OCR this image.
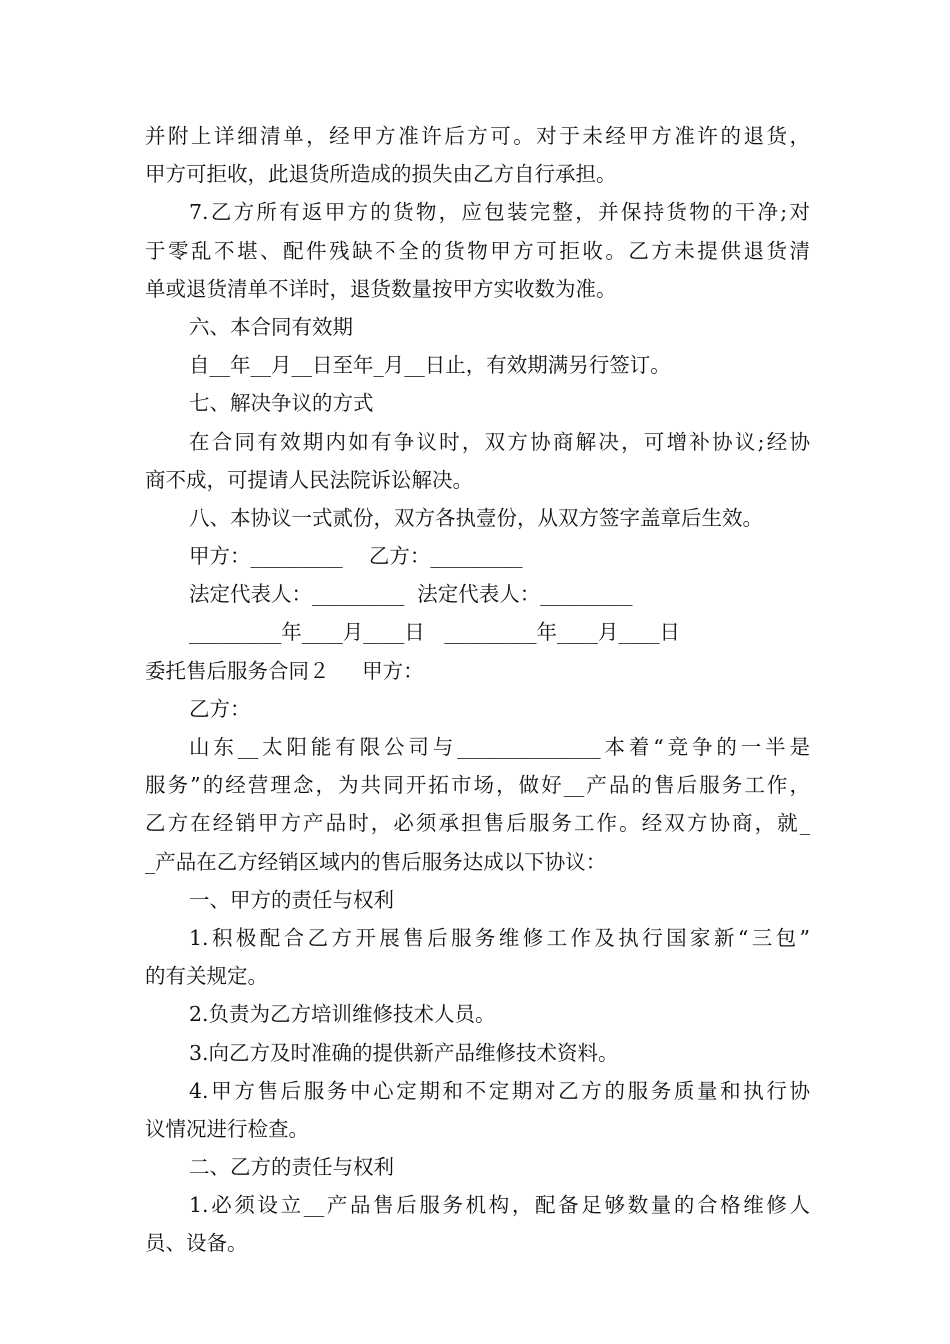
并附上详细清单，经甲方准许后方可。对于未经甲方准许的退货，
甲方可拒收，此退货所造成的损失由乙方自行承担。
7.乙方所有返甲方的货物，应包装完整，并保持货物的干净;对
于零乱不堪、配件残缺不全的货物甲方可拒收。乙方未提供退货清
单或退货清单不详时，退货数量按甲方实收数为准。
六、本合同有效期
自__年__月__日至年_月__日止，有效期满另行签订。
七、解决争议的方式
在合同有效期内如有争议时，双方协商解决，可增补协议;经协
商不成，可提请人民法院诉讼解决。
八、本协议一式贰份，双方各执壹份，从双方签字盖章后生效。
甲方：_________    乙方：_________
法定代表人：_________  法定代表人：_________
_________年____月____日   _________年____月____日
委托售后服务合同２     甲方：
乙方：
山东__太阳能有限公司与______________本着“竞争的一半是
服务”的经营理念，为共同开拓市场，做好__产品的售后服务工作，
乙方在经销甲方产品时，必须承担售后服务工作。经双方协商，就_
_产品在乙方经销区域内的售后服务达成以下协议：
一、甲方的责任与权利
1.积极配合乙方开展售后服务维修工作及执行国家新“三包”
的有关规定。
2.负责为乙方培训维修技术人员。
3.向乙方及时准确的提供新产品维修技术资料。
4.甲方售后服务中心定期和不定期对乙方的服务质量和执行协
议情况进行检查。
二、乙方的责任与权利
1.必须设立__产品售后服务机构，配备足够数量的合格维修人
员、设备。
